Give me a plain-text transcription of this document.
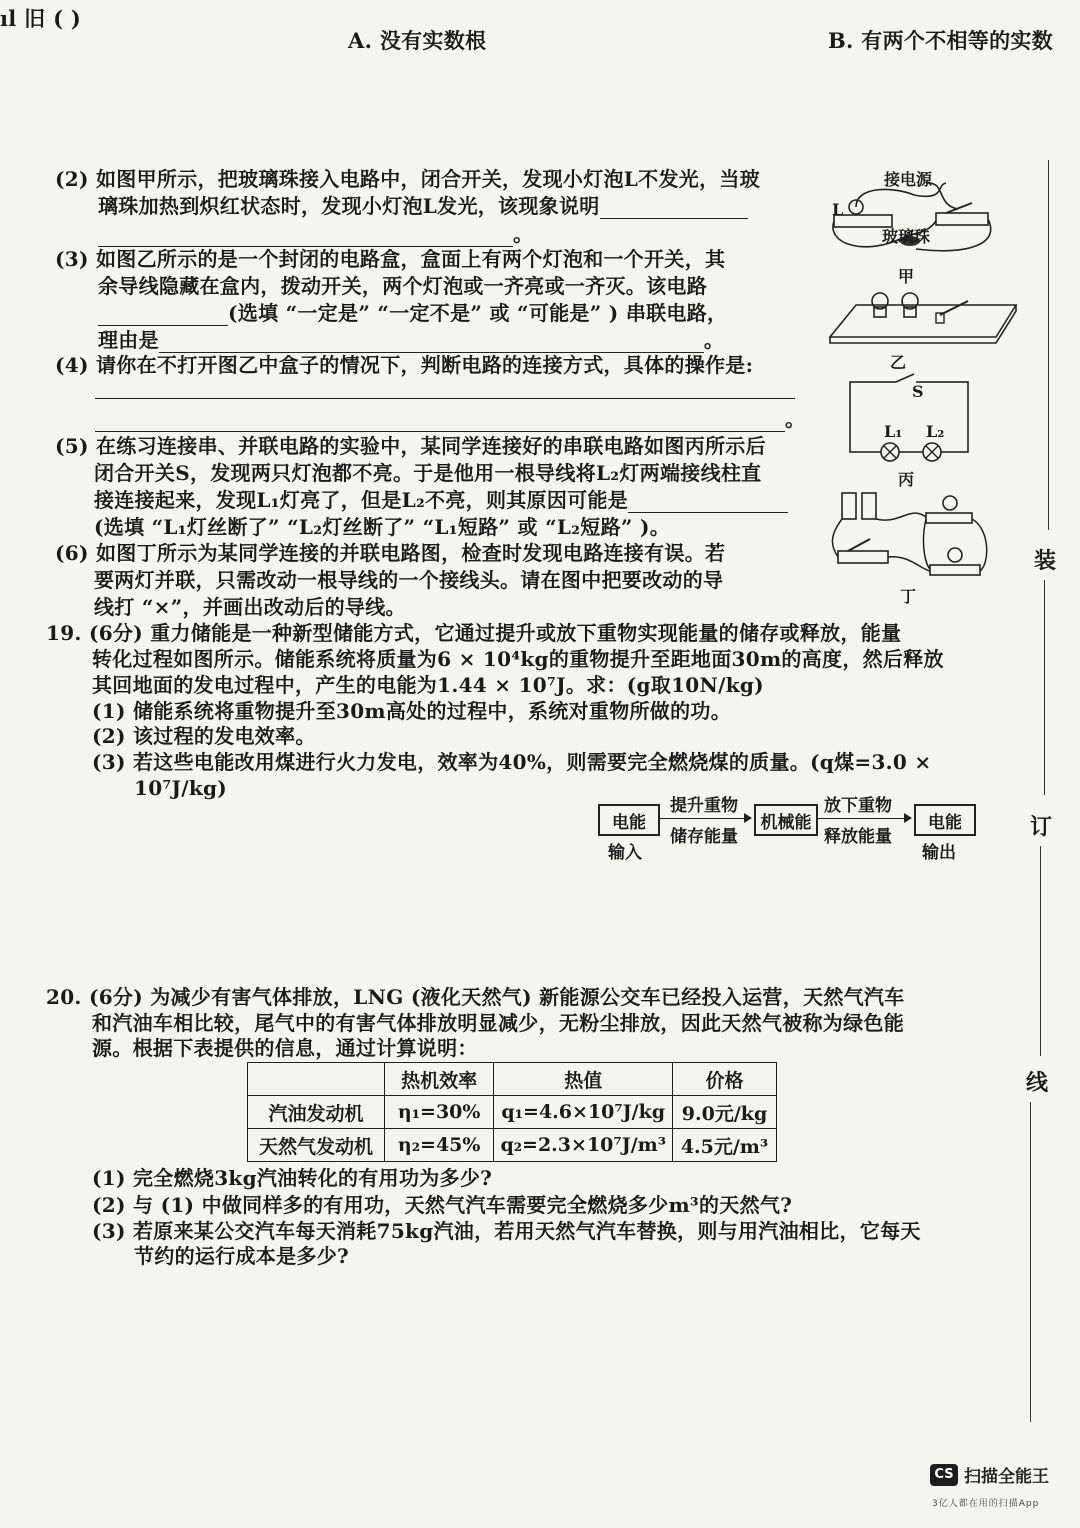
ıl 旧 ( )
A. 没有实数根	B. 有两个不相等的实数
(2) 如图甲所示，把玻璃珠接入电路中，闭合开关，发现小灯泡L不发光，当玻
璃珠加热到炽红状态时，发现小灯泡L发光，该现象说明
。
(3) 如图乙所示的是一个封闭的电路盒，盒面上有两个灯泡和一个开关，其
余导线隐藏在盒内，拨动开关，两个灯泡或一齐亮或一齐灭。该电路
(选填 “一定是” “一定不是” 或 “可能是” ) 串联电路，
理由是	。
(4) 请你在不打开图乙中盒子的情况下，判断电路的连接方式，具体的操作是:
。
(5) 在练习连接串、并联电路的实验中，某同学连接好的串联电路如图丙所示后
闭合开关S，发现两只灯泡都不亮。于是他用一根导线将L₂灯两端接线柱直
接连接起来，发现L₁灯亮了，但是L₂不亮，则其原因可能是
(选填 “L₁灯丝断了” “L₂灯丝断了” “L₁短路” 或 “L₂短路” )。
(6) 如图丁所示为某同学连接的并联电路图，检查时发现电路连接有误。若
要两灯并联，只需改动一根导线的一个接线头。请在图中把要改动的导
线打 “×”，并画出改动后的导线。
接电源
L
玻璃珠
甲
乙
S
L₁ L₂
丙
丁
19. (6分) 重力储能是一种新型储能方式，它通过提升或放下重物实现能量的储存或释放，能量
转化过程如图所示。储能系统将质量为6 × 10⁴kg的重物提升至距地面30m的高度，然后释放
其回地面的发电过程中，产生的电能为1.44 × 10⁷J。求：(g取10N/kg)
(1) 储能系统将重物提升至30m高处的过程中，系统对重物所做的功。
(2) 该过程的发电效率。
(3) 若这些电能改用煤进行火力发电，效率为40%，则需要完全燃烧煤的质量。(q煤=3.0 ×
10⁷J/kg)
电能
输入
提升重物
储存能量
机械能
放下重物
释放能量
电能
输出
20. (6分) 为减少有害气体排放，LNG (液化天然气) 新能源公交车已经投入运营，天然气汽车
和汽油车相比较，尾气中的有害气体排放明显减少，无粉尘排放，因此天然气被称为绿色能
源。根据下表提供的信息，通过计算说明：
	热机效率	热值	价格
汽油发动机	η₁=30%	q₁=4.6×10⁷J/kg	9.0元/kg
天然气发动机	η₂=45%	q₂=2.3×10⁷J/m³	4.5元/m³
(1) 完全燃烧3kg汽油转化的有用功为多少?
(2) 与 (1) 中做同样多的有用功，天然气汽车需要完全燃烧多少m³的天然气?
(3) 若原来某公交汽车每天消耗75kg汽油，若用天然气汽车替换，则与用汽油相比，它每天
节约的运行成本是多少?
装
订
线
CS 扫描全能王
3亿人都在用的扫描App
